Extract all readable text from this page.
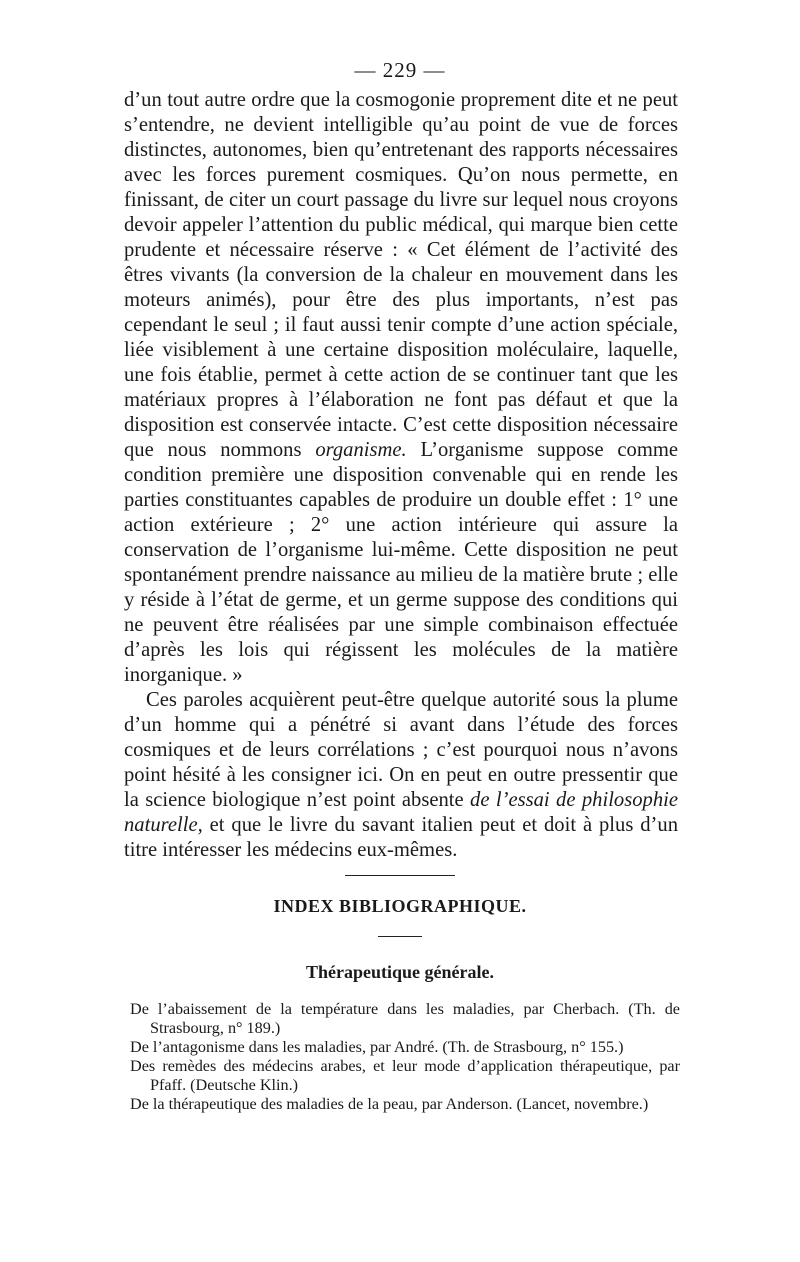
— 229 —

d’un tout autre ordre que la cosmogonie proprement dite et ne peut s’entendre, ne devient intelligible qu’au point de vue de forces distinctes, autonomes, bien qu’entretenant des rapports nécessaires avec les forces purement cosmiques. Qu’on nous permette, en finissant, de citer un court passage du livre sur lequel nous croyons devoir appeler l’attention du public médical, qui marque bien cette prudente et nécessaire réserve : « Cet élément de l’activité des êtres vivants (la conversion de la chaleur en mouvement dans les moteurs animés), pour être des plus importants, n’est pas cependant le seul ; il faut aussi tenir compte d’une action spéciale, liée visiblement à une certaine disposition moléculaire, laquelle, une fois établie, permet à cette action de se continuer tant que les matériaux propres à l’élaboration ne font pas défaut et que la disposition est conservée intacte. C’est cette disposition nécessaire que nous nommons organisme. L’organisme suppose comme condition première une disposition convenable qui en rende les parties constituantes capables de produire un double effet : 1° une action extérieure ; 2° une action intérieure qui assure la conservation de l’organisme lui-même. Cette disposition ne peut spontanément prendre naissance au milieu de la matière brute ; elle y réside à l’état de germe, et un germe suppose des conditions qui ne peuvent être réalisées par une simple combinaison effectuée d’après les lois qui régissent les molécules de la matière inorganique. »

Ces paroles acquièrent peut-être quelque autorité sous la plume d’un homme qui a pénétré si avant dans l’étude des forces cosmiques et de leurs corrélations ; c’est pourquoi nous n’avons point hésité à les consigner ici. On en peut en outre pressentir que la science biologique n’est point absente de l’essai de philosophie naturelle, et que le livre du savant italien peut et doit à plus d’un titre intéresser les médecins eux-mêmes.

INDEX BIBLIOGRAPHIQUE.
Thérapeutique générale.

De l’abaissement de la température dans les maladies, par Cherbach. (Th. de Strasbourg, n° 189.)

De l’antagonisme dans les maladies, par André. (Th. de Strasbourg, n° 155.)

Des remèdes des médecins arabes, et leur mode d’application thérapeutique, par Pfaff. (Deutsche Klin.)

De la thérapeutique des maladies de la peau, par Anderson. (Lancet, novembre.)
